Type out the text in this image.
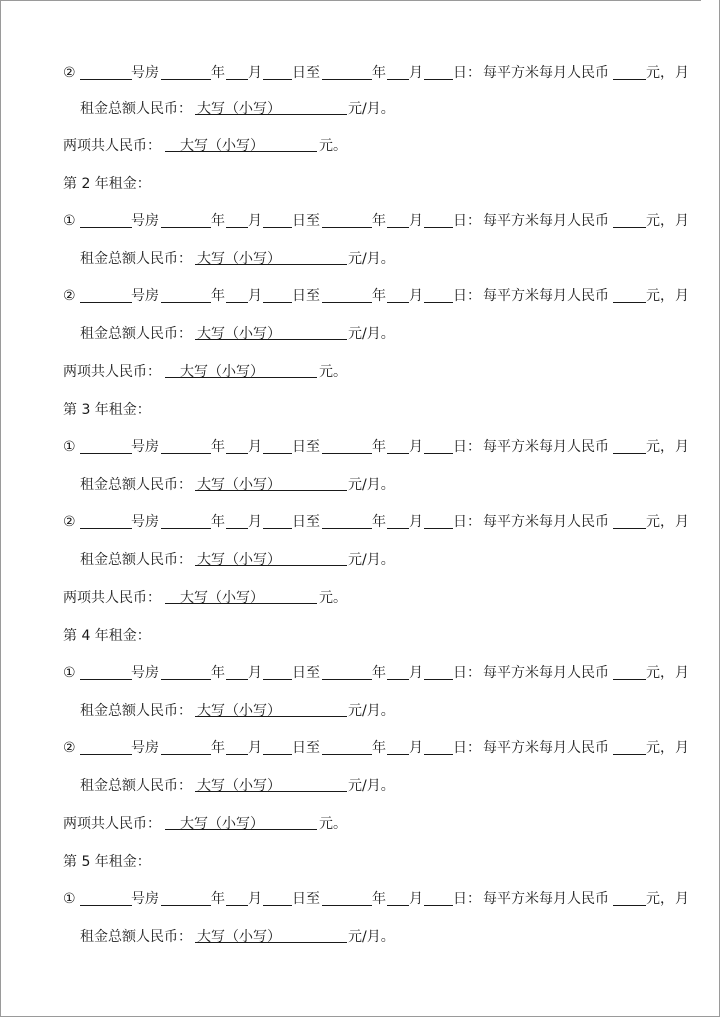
②	号房	年 月 日至	年 月 日： 每平方米每月人民币	元， 月
①	号房	年 月 日至	年 月 日： 每平方米每月人民币	元， 月
②	号房	年 月 日至	年 月 日： 每平方米每月人民币	元， 月
①	号房	年 月 日至	年 月 日： 每平方米每月人民币	元， 月
②	号房	年 月 日至	年 月 日： 每平方米每月人民币	元， 月
①	号房	年 月 日至	年 月 日： 每平方米每月人民币	元， 月
②	号房	年 月 日至	年 月 日： 每平方米每月人民币	元， 月
①	号房	年 月 日至	年 月 日： 每平方米每月人民币	元， 月
租金总额人民币： 大写（小写）	元/月。
租金总额人民币： 大写（小写）	元/月。
租金总额人民币： 大写（小写）	元/月。
租金总额人民币： 大写（小写）	元/月。
租金总额人民币： 大写（小写）	元/月。
租金总额人民币： 大写（小写）	元/月。
租金总额人民币： 大写（小写）	元/月。
租金总额人民币： 大写（小写）	元/月。
两项共人民币：	大写（小写）	元。
两项共人民币：	大写（小写）	元。
两项共人民币：	大写（小写）	元。
两项共人民币：	大写（小写）	元。
第 2 年租金：
第 3 年租金：
第 4 年租金：
第 5 年租金：
